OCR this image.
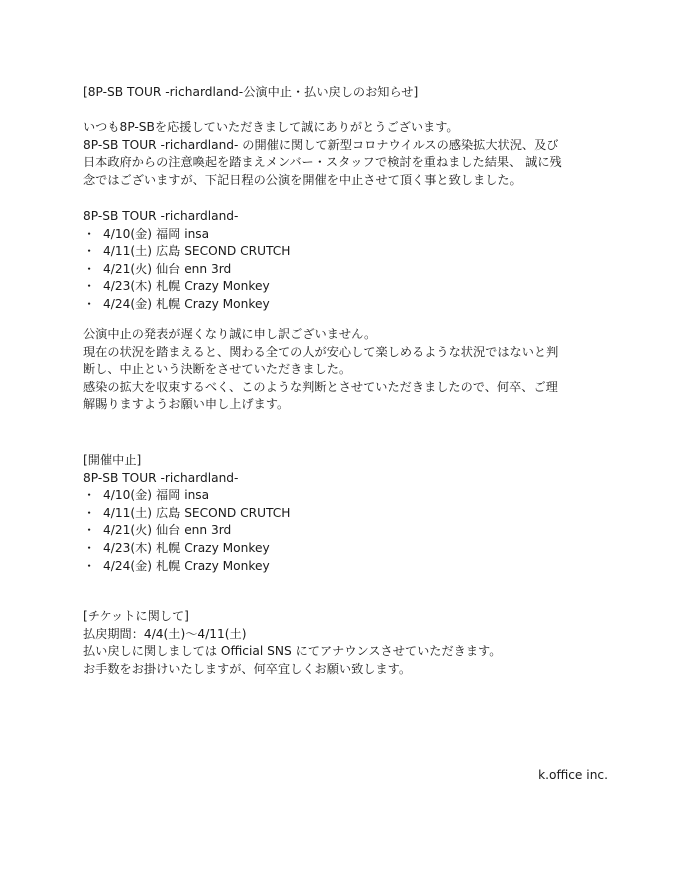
[8P-SB TOUR -richardland-公演中止・払い戻しのお知らせ]
いつも8P-SBを応援していただきまして誠にありがとうございます。
8P-SB TOUR -richardland- の開催に関して新型コロナウイルスの感染拡大状況、及び
日本政府からの注意喚起を踏まえメンバー・スタッフで検討を重ねました結果、 誠に残
念ではございますが、下記日程の公演を開催を中止させて頂く事と致しました。
8P-SB TOUR -richardland-
・ 4/10(金) 福岡 insa
・ 4/11(土) 広島 SECOND CRUTCH
・ 4/21(火) 仙台 enn 3rd
・ 4/23(木) 札幌 Crazy Monkey
・ 4/24(金) 札幌 Crazy Monkey
公演中止の発表が遅くなり誠に申し訳ございません。
現在の状況を踏まえると、関わる全ての人が安心して楽しめるような状況ではないと判
断し、中止という決断をさせていただきました。
感染の拡大を収束するべく、このような判断とさせていただきましたので、何卒、ご理
解賜りますようお願い申し上げます。
[開催中止]
8P-SB TOUR -richardland-
・ 4/10(金) 福岡 insa
・ 4/11(土) 広島 SECOND CRUTCH
・ 4/21(火) 仙台 enn 3rd
・ 4/23(木) 札幌 Crazy Monkey
・ 4/24(金) 札幌 Crazy Monkey
[チケットに関して]
払戻期間：4/4(土)〜4/11(土)
払い戻しに関しましては Official SNS にてアナウンスさせていただきます。
お手数をお掛けいたしますが、何卒宜しくお願い致します。
k.office inc.
